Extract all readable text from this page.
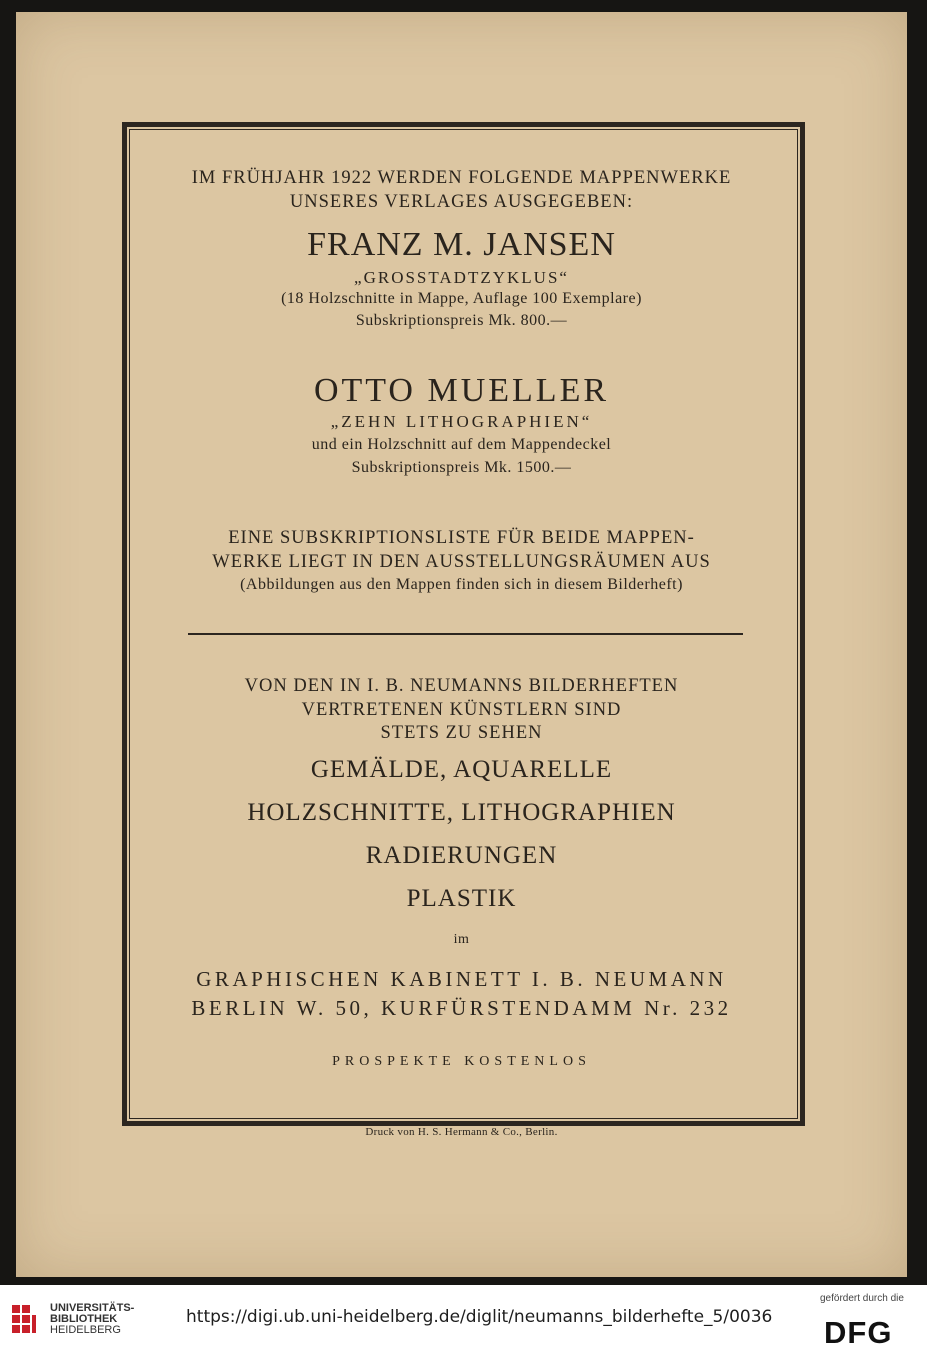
IM FRÜHJAHR 1922 WERDEN FOLGENDE MAPPENWERKE
UNSERES VERLAGES AUSGEGEBEN:
FRANZ M. JANSEN
„GROSSTADTZYKLUS“
(18 Holzschnitte in Mappe, Auflage 100 Exemplare)
Subskriptionspreis Mk. 800.—
OTTO MUELLER
„ZEHN LITHOGRAPHIEN“
und ein Holzschnitt auf dem Mappendeckel
Subskriptionspreis Mk. 1500.—
EINE SUBSKRIPTIONSLISTE FÜR BEIDE MAPPEN-
WERKE LIEGT IN DEN AUSSTELLUNGSRÄUMEN AUS
(Abbildungen aus den Mappen finden sich in diesem Bilderheft)
VON DEN IN I. B. NEUMANNS BILDERHEFTEN
VERTRETENEN KÜNSTLERN SIND
STETS ZU SEHEN
GEMÄLDE, AQUARELLE
HOLZSCHNITTE, LITHOGRAPHIEN
RADIERUNGEN
PLASTIK
im
GRAPHISCHEN KABINETT I. B. NEUMANN
BERLIN W. 50, KURFÜRSTENDAMM Nr. 232
PROSPEKTE KOSTENLOS
Druck von H. S. Hermann & Co., Berlin.
UNIVERSITÄTS-
BIBLIOTHEK
HEIDELBERG
https://digi.ub.uni-heidelberg.de/diglit/neumanns_bilderhefte_5/0036
gefördert durch die
DFG
